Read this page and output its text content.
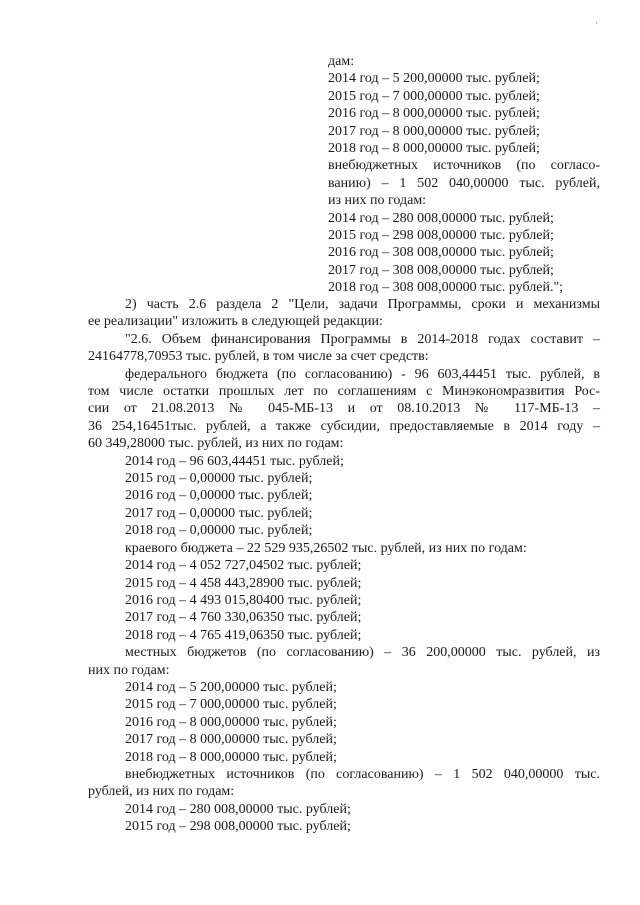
·
дам:
2014 год – 5 200,00000 тыс. рублей;
2015 год – 7 000,00000 тыс. рублей;
2016 год – 8 000,00000 тыс. рублей;
2017 год – 8 000,00000 тыс. рублей;
2018 год – 8 000,00000 тыс. рублей;
внебюджетных источников (по согласо-
ванию) – 1 502 040,00000 тыс. рублей,
из них по годам:
2014 год – 280 008,00000 тыс. рублей;
2015 год – 298 008,00000 тыс. рублей;
2016 год – 308 008,00000 тыс. рублей;
2017 год – 308 008,00000 тыс. рублей;
2018 год – 308 008,00000 тыс. рублей.";
2) часть 2.6 раздела 2 "Цели, задачи Программы, сроки и механизмы
ее реализации" изложить в следующей редакции:
"2.6. Объем финансирования Программы в 2014-2018 годах составит –
24164778,70953 тыс. рублей, в том числе за счет средств:
федерального бюджета (по согласованию) - 96 603,44451 тыс. рублей, в
том числе остатки прошлых лет по соглашениям с Минэкономразвития Рос-
сии от 21.08.2013 № 045-МБ-13 и от 08.10.2013 № 117-МБ-13 –
36 254,16451тыс. рублей, а также субсидии, предоставляемые в 2014 году –
60 349,28000 тыс. рублей, из них по годам:
2014 год – 96 603,44451 тыс. рублей;
2015 год – 0,00000 тыс. рублей;
2016 год – 0,00000 тыс. рублей;
2017 год – 0,00000 тыс. рублей;
2018 год – 0,00000 тыс. рублей;
краевого бюджета – 22 529 935,26502 тыс. рублей, из них по годам:
2014 год – 4 052 727,04502 тыс. рублей;
2015 год – 4 458 443,28900 тыс. рублей;
2016 год – 4 493 015,80400 тыс. рублей;
2017 год – 4 760 330,06350 тыс. рублей;
2018 год – 4 765 419,06350 тыс. рублей;
местных бюджетов (по согласованию) – 36 200,00000 тыс. рублей, из
них по годам:
2014 год – 5 200,00000 тыс. рублей;
2015 год – 7 000,00000 тыс. рублей;
2016 год – 8 000,00000 тыс. рублей;
2017 год – 8 000,00000 тыс. рублей;
2018 год – 8 000,00000 тыс. рублей;
внебюджетных источников (по согласованию) – 1 502 040,00000 тыс.
рублей, из них по годам:
2014 год – 280 008,00000 тыс. рублей;
2015 год – 298 008,00000 тыс. рублей;
